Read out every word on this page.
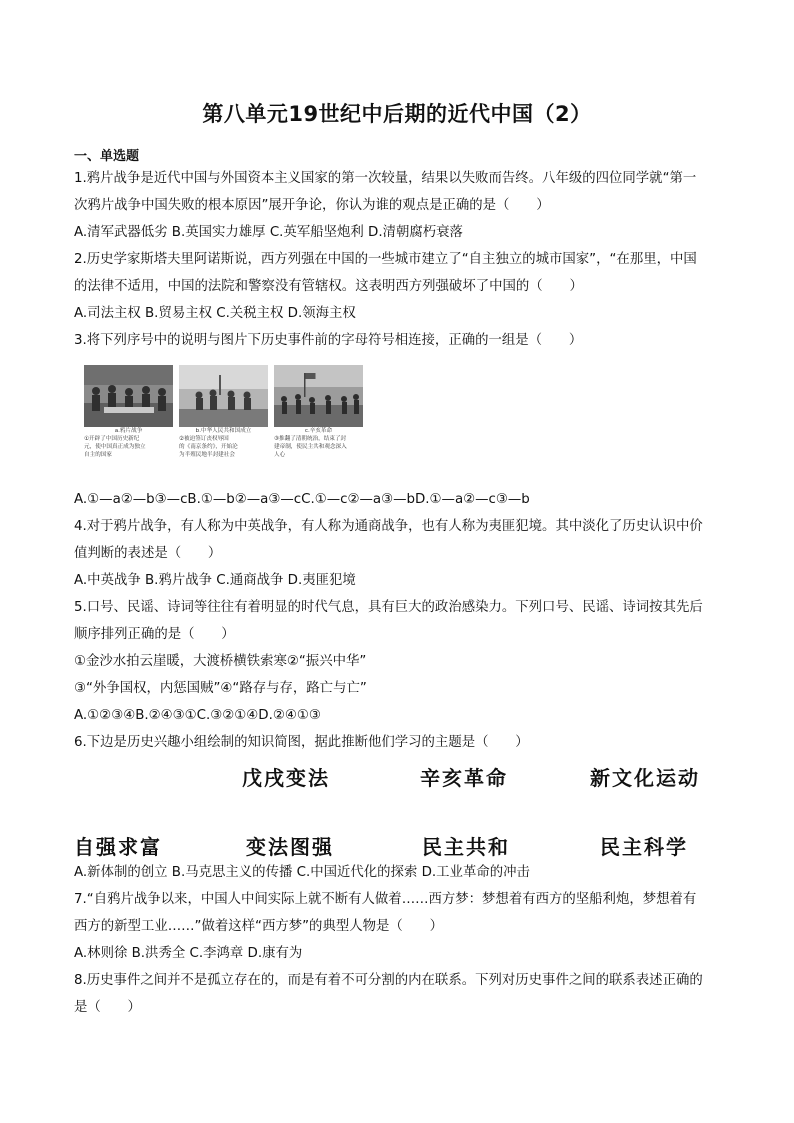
第八单元19世纪中后期的近代中国（2）
一、单选题
1.鸦片战争是近代中国与外国资本主义国家的第一次较量，结果以失败而告终。八年级的四位同学就“第一
次鸦片战争中国失败的根本原因”展开争论，你认为谁的观点是正确的是（　　）
A.清军武器低劣 B.英国实力雄厚 C.英军船坚炮利 D.清朝腐朽衰落
2.历史学家斯塔夫里阿诺斯说，西方列强在中国的一些城市建立了“自主独立的城市国家”，“在那里，中国
的法律不适用，中国的法院和警察没有管辖权。这表明西方列强破坏了中国的（　　）
A.司法主权 B.贸易主权 C.关税主权 D.领海主权
3.将下列序号中的说明与图片下历史事件前的字母符号相连接，正确的一组是（　　）
a.鸦片战争
①开辟了中国历史新纪
元，使中国真正成为独立
自主的国家
b.中华人民共和国成立
②被迫签订丧权辱国
的《南京条约》，开始沦
为半殖民地半封建社会
c.辛亥革命
③推翻了清朝统治，结束了封
建帝制，使民主共和观念深入
人心
A.①—a②—b③—cB.①—b②—a③—cC.①—c②—a③—bD.①—a②—c③—b
4.对于鸦片战争，有人称为中英战争，有人称为通商战争，也有人称为夷匪犯境。其中淡化了历史认识中价
值判断的表述是（　　）
A.中英战争 B.鸦片战争 C.通商战争 D.夷匪犯境
5.口号、民谣、诗词等往往有着明显的时代气息，具有巨大的政治感染力。下列口号、民谣、诗词按其先后
顺序排列正确的是（　　）
①金沙水拍云崖暖，大渡桥横铁索寒②“振兴中华”
③“外争国权，内惩国贼”④“路存与存，路亡与亡”
A.①②③④B.②④③①C.③②①④D.②④①③
6.下边是历史兴趣小组绘制的知识简图，据此推断他们学习的主题是（　　）
戊戌变法	辛亥革命	新文化运动
自强求富	变法图强	民主共和	民主科学
A.新体制的创立 B.马克思主义的传播 C.中国近代化的探索 D.工业革命的冲击
7.“自鸦片战争以来，中国人中间实际上就不断有人做着……西方梦：梦想着有西方的坚船利炮，梦想着有
西方的新型工业……”做着这样“西方梦”的典型人物是（　　）
A.林则徐 B.洪秀全 C.李鸿章 D.康有为
8.历史事件之间并不是孤立存在的，而是有着不可分割的内在联系。下列对历史事件之间的联系表述正确的
是（　　）
